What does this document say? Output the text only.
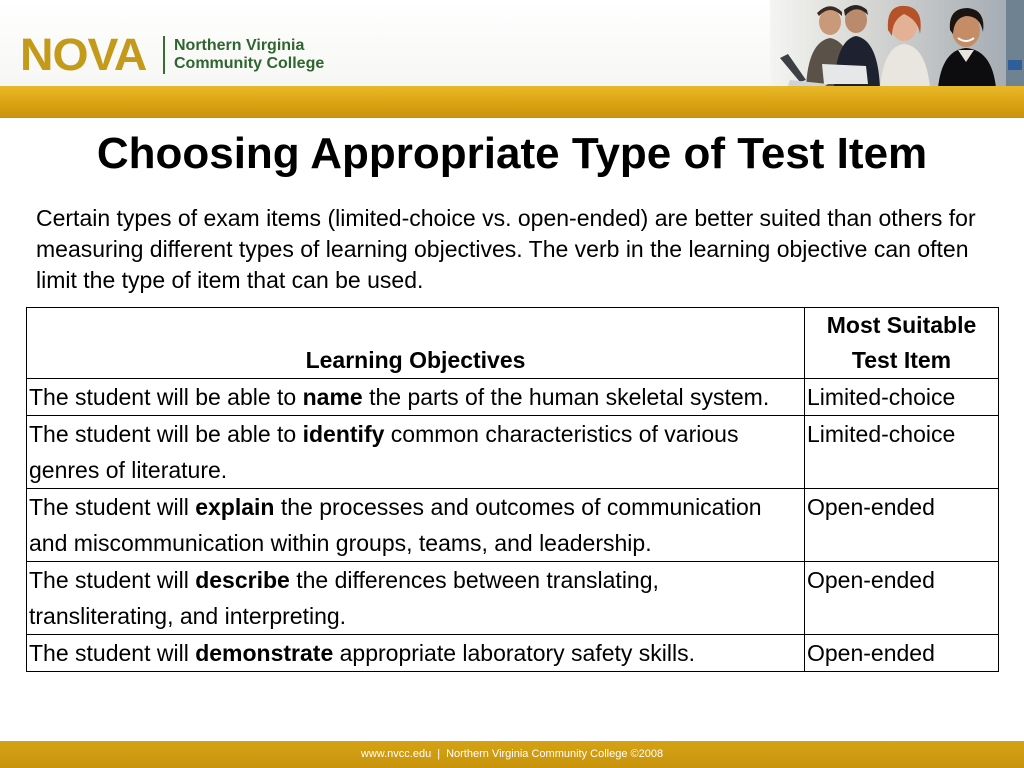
NOVA Northern Virginia
Community College
Choosing Appropriate Type of Test Item
Certain types of exam items (limited-choice vs. open-ended) are better suited than others for measuring different types of learning objectives. The verb in the learning objective can often limit the type of item that can be used.
Learning Objectives	Most Suitable Test Item
The student will be able to name the parts of the human skeletal system.	Limited-choice
The student will be able to identify common characteristics of various genres of literature.	Limited-choice
The student will explain the processes and outcomes of communication and miscommunication within groups, teams, and leadership.	Open-ended
The student will describe the differences between translating, transliterating, and interpreting.	Open-ended
The student will demonstrate appropriate laboratory safety skills.	Open-ended
www.nvcc.edu | Northern Virginia Community College ©2008
